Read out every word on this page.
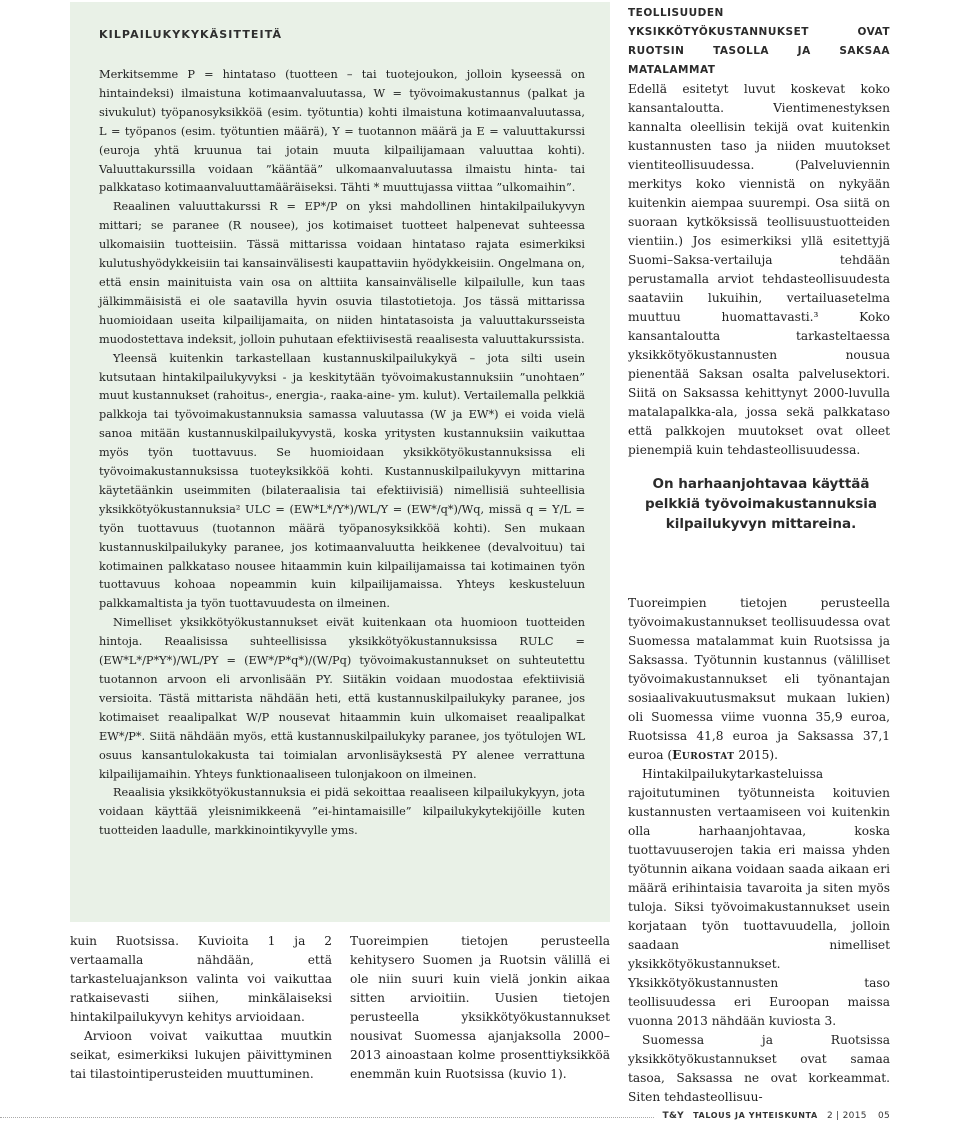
KILPAILUKYKYKÄSITTEITÄ

Merkitsemme P = hintataso (tuotteen – tai tuotejoukon, jolloin kyseessä on hintaindeksi) ilmaistuna kotimaanvaluutassa, W = työvoimakustannus (palkat ja sivukulut) työpanosyksikköä (esim. työtuntia) kohti ilmaistuna kotimaanvaluutassa, L = työpanos (esim. työtuntien määrä), Y = tuotannon määrä ja E = valuuttakurssi (euroja yhtä kruunua tai jotain muuta kilpailijamaan valuuttaa kohti). Valuuttakurssilla voidaan ”kääntää” ulkomaanvaluutassa ilmaistu hinta- tai palkkataso kotimaanvaluuttamääräiseksi. Tähti * muuttujassa viittaa ”ulkomaihin”.

Reaalinen valuuttakurssi R = EP*/P on yksi mahdollinen hintakilpailukyvyn mittari; se paranee (R nousee), jos kotimaiset tuotteet halpenevat suhteessa ulkomaisiin tuotteisiin. Tässä mittarissa voidaan hintataso rajata esimerkiksi kulutushyödykkeisiin tai kansainvälisesti kaupattaviin hyödykkeisiin. Ongelmana on, että ensin mainituista vain osa on alttiita kansainväliselle kilpailulle, kun taas jälkimmäisistä ei ole saatavilla hyvin osuvia tilastotietoja. Jos tässä mittarissa huomioidaan useita kilpailijamaita, on niiden hintatasoista ja valuuttakursseista muodostettava indeksit, jolloin puhutaan efektiivisestä reaalisesta valuuttakurssista.

Yleensä kuitenkin tarkastellaan kustannuskilpailukykyä – jota silti usein kutsutaan hintakilpailukyvyksi - ja keskitytään työvoimakustannuksiin ”unohtaen” muut kustannukset (rahoitus-, energia-, raaka-aine- ym. kulut). Vertailemalla pelkkiä palkkoja tai työvoimakustannuksia samassa valuutassa (W ja EW*) ei voida vielä sanoa mitään kustannuskilpailukyvystä, koska yritysten kustannuksiin vaikuttaa myös työn tuottavuus. Se huomioidaan yksikkötyökustannuksissa eli työvoimakustannuksissa tuoteyksikköä kohti. Kustannuskilpailukyvyn mittarina käytetäänkin useimmiten (bilateraalisia tai efektiivisiä) nimellisiä suhteellisia yksikkötyökustannuksia² ULC = (EW*L*/Y*)/WL/Y = (EW*/q*)/Wq, missä q = Y/L = työn tuottavuus (tuotannon määrä työpanosyksikköä kohti). Sen mukaan kustannuskilpailukyky paranee, jos kotimaanvaluutta heikkenee (devalvoituu) tai kotimainen palkkataso nousee hitaammin kuin kilpailijamaissa tai kotimainen työn tuottavuus kohoaa nopeammin kuin kilpailijamaissa. Yhteys keskusteluun palkkamaltista ja työn tuottavuudesta on ilmeinen.

Nimelliset yksikkötyökustannukset eivät kuitenkaan ota huomioon tuotteiden hintoja. Reaalisissa suhteellisissa yksikkötyökustannuksissa RULC = (EW*L*/P*Y*)/WL/PY = (EW*/P*q*)/(W/Pq) työvoimakustannukset on suhteutettu tuotannon arvoon eli arvonlisään PY. Siitäkin voidaan muodostaa efektiivisiä versioita. Tästä mittarista nähdään heti, että kustannuskilpailukyky paranee, jos kotimaiset reaalipalkat W/P nousevat hitaammin kuin ulkomaiset reaalipalkat EW*/P*. Siitä nähdään myös, että kustannuskilpailukyky paranee, jos työtulojen WL osuus kansantulokakusta tai toimialan arvonlisäyksestä PY alenee verrattuna kilpailijamaihin. Yhteys funktionaaliseen tulonjakoon on ilmeinen.

Reaalisia yksikkötyökustannuksia ei pidä sekoittaa reaaliseen kilpailukykyyn, jota voidaan käyttää yleisnimikkeenä ”ei-hintamaisille” kilpailukykytekijöille kuten tuotteiden laadulle, markkinointikyvylle yms.

kuin Ruotsissa. Kuvioita 1 ja 2 vertaamalla nähdään, että tarkasteluajankson valinta voi vaikuttaa ratkaisevasti siihen, minkälaiseksi hintakilpailukyvyn kehitys arvioidaan.

Arvioon voivat vaikuttaa muutkin seikat, esimerkiksi lukujen päivittyminen tai tilastointiperusteiden muuttuminen.

Tuoreimpien tietojen perusteella kehitysero Suomen ja Ruotsin välillä ei ole niin suuri kuin vielä jonkin aikaa sitten arvioitiin. Uusien tietojen perusteella yksikkötyökustannukset nousivat Suomessa ajanjaksolla 2000–2013 ainoastaan kolme prosenttiyksikköä enemmän kuin Ruotsissa (kuvio 1).

TEOLLISUUDEN YKSIKKÖTYÖKUSTANNUKSET OVAT RUOTSIN TASOLLA JA SAKSAA MATALAMMAT

Edellä esitetyt luvut koskevat koko kansantaloutta. Vientimenestyksen kannalta oleellisin tekijä ovat kuitenkin kustannusten taso ja niiden muutokset vientiteollisuudessa. (Palveluviennin merkitys koko viennistä on nykyään kuitenkin aiempaa suurempi. Osa siitä on suoraan kytköksissä teollisuustuotteiden vientiin.) Jos esimerkiksi yllä esitettyjä Suomi–Saksa-vertailuja tehdään perustamalla arviot tehdasteollisuudesta saataviin lukuihin, vertailuasetelma muuttuu huomattavasti.³ Koko kansantaloutta tarkasteltaessa yksikkötyökustannusten nousua pienentää Saksan osalta palvelusektori. Siitä on Saksassa kehittynyt 2000-luvulla matalapalkka-ala, jossa sekä palkkataso että palkkojen muutokset ovat olleet pienempiä kuin tehdasteollisuudessa.

On harhaanjohtavaa käyttää pelkkiä työvoimakustannuksia kilpailukyvyn mittareina.

Tuoreimpien tietojen perusteella työvoimakustannukset teollisuudessa ovat Suomessa matalammat kuin Ruotsissa ja Saksassa. Työtunnin kustannus (välilliset työvoimakustannukset eli työnantajan sosiaalivakuutusmaksut mukaan lukien) oli Suomessa viime vuonna 35,9 euroa, Ruotsissa 41,8 euroa ja Saksassa 37,1 euroa (Eurostat 2015).

Hintakilpailukytarkasteluissa rajoitutuminen työtunneista koituvien kustannusten vertaamiseen voi kuitenkin olla harhaanjohtavaa, koska tuottavuuserojen takia eri maissa yhden työtunnin aikana voidaan saada aikaan eri määrä erihintaisia tavaroita ja siten myös tuloja. Siksi työvoimakustannukset usein korjataan työn tuottavuudella, jolloin saadaan nimelliset yksikkötyökustannukset. Yksikkötyökustannusten taso teollisuudessa eri Euroopan maissa vuonna 2013 nähdään kuviosta 3.

Suomessa ja Ruotsissa yksikkötyökustannukset ovat samaa tasoa, Saksassa ne ovat korkeammat. Siten tehdasteollisuu-

T&Y TALOUS JA YHTEISKUNTA 2 | 2015 05
